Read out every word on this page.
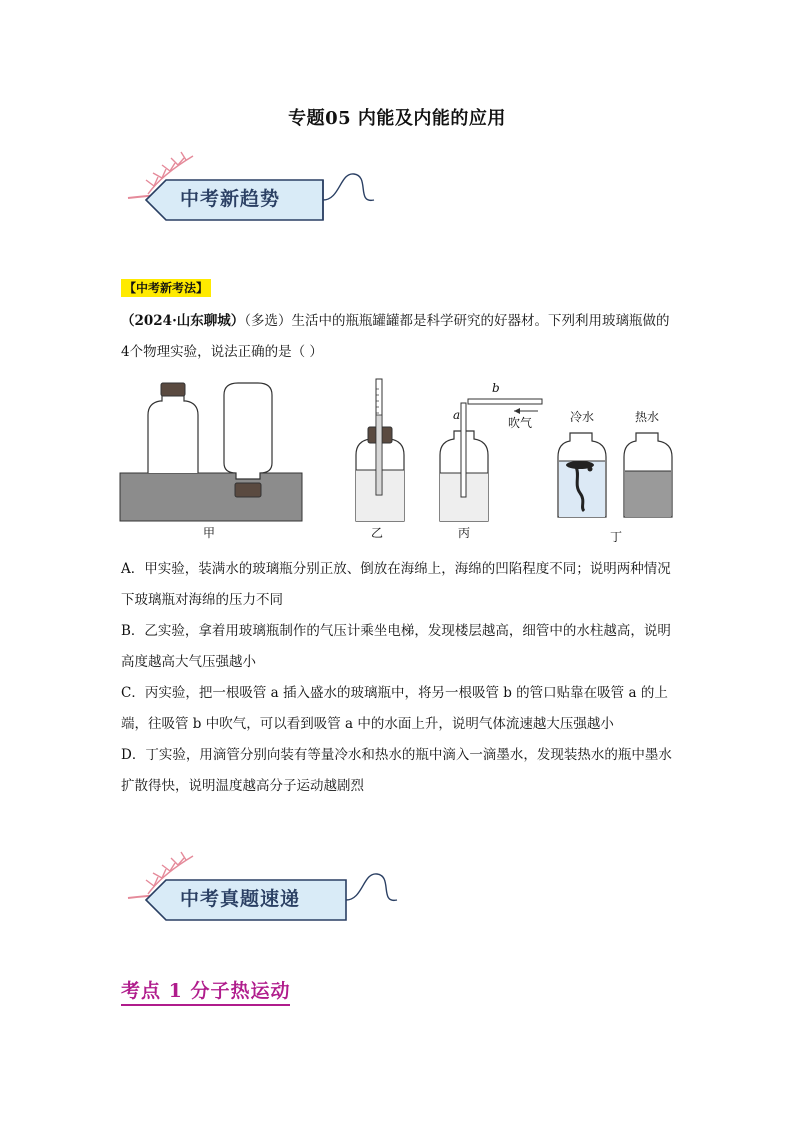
专题05 内能及内能的应用
中考新趋势
【中考新考法】
（2024·山东聊城）（多选）生活中的瓶瓶罐罐都是科学研究的好器材。下列利用玻璃瓶做的4个物理实验，说法正确的是（ ）
甲	乙
a
b
吹气
丙
冷水	热水
丁
A．甲实验，装满水的玻璃瓶分别正放、倒放在海绵上，海绵的凹陷程度不同；说明两种情况下玻璃瓶对海绵的压力不同
B．乙实验，拿着用玻璃瓶制作的气压计乘坐电梯，发现楼层越高，细管中的水柱越高，说明高度越高大气压强越小
C．丙实验，把一根吸管 a 插入盛水的玻璃瓶中，将另一根吸管 b 的管口贴靠在吸管 a 的上端，往吸管 b 中吹气，可以看到吸管 a 中的水面上升，说明气体流速越大压强越小
D．丁实验，用滴管分别向装有等量冷水和热水的瓶中滴入一滴墨水，发现装热水的瓶中墨水扩散得快，说明温度越高分子运动越剧烈
中考真题速递
考点 1 分子热运动
